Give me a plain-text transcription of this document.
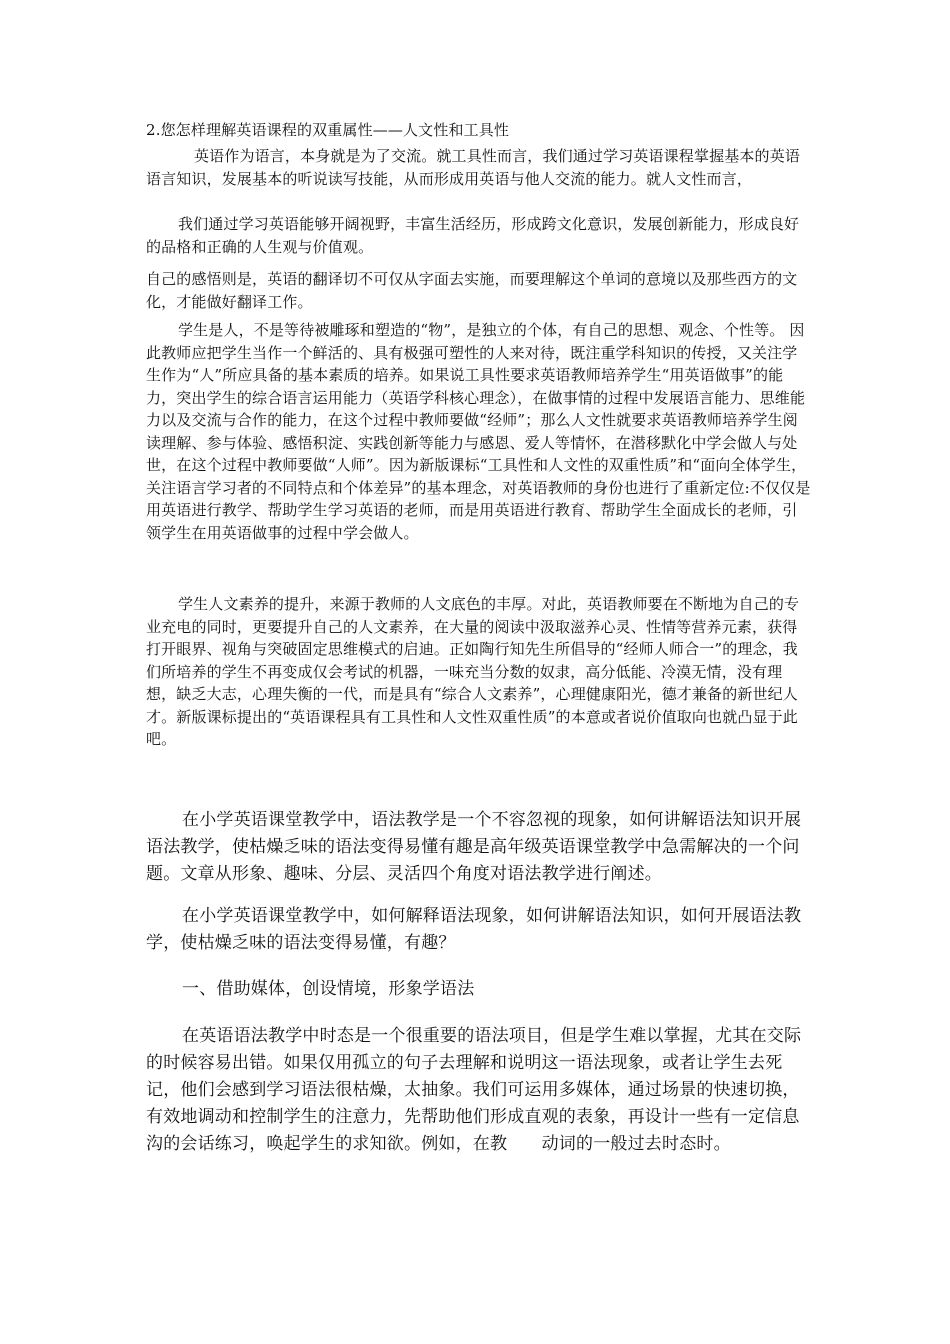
2.您怎样理解英语课程的双重属性——人文性和工具性

英语作为语言，本身就是为了交流。就工具性而言，我们通过学习英语课程掌握基本的英语语言知识，发展基本的听说读写技能，从而形成用英语与他人交流的能力。就人文性而言，

我们通过学习英语能够开阔视野，丰富生活经历，形成跨文化意识，发展创新能力，形成良好的品格和正确的人生观与价值观。

自己的感悟则是，英语的翻译切不可仅从字面去实施，而要理解这个单词的意境以及那些西方的文化，才能做好翻译工作。

学生是人，不是等待被雕琢和塑造的“物”，是独立的个体，有自己的思想、观念、个性等。 因此教师应把学生当作一个鲜活的、具有极强可塑性的人来对待，既注重学科知识的传授，又关注学生作为“人”所应具备的基本素质的培养。如果说工具性要求英语教师培养学生“用英语做事”的能力，突出学生的综合语言运用能力（英语学科核心理念），在做事情的过程中发展语言能力、思维能力以及交流与合作的能力，在这个过程中教师要做“经师”；那么人文性就要求英语教师培养学生阅读理解、参与体验、感悟积淀、实践创新等能力与感恩、爱人等情怀，在潜移默化中学会做人与处世，在这个过程中教师要做“人师”。因为新版课标“工具性和人文性的双重性质”和“面向全体学生，关注语言学习者的不同特点和个体差异”的基本理念，对英语教师的身份也进行了重新定位:不仅仅是用英语进行教学、帮助学生学习英语的老师，而是用英语进行教育、帮助学生全面成长的老师，引领学生在用英语做事的过程中学会做人。

学生人文素养的提升，来源于教师的人文底色的丰厚。对此，英语教师要在不断地为自己的专业充电的同时，更要提升自己的人文素养，在大量的阅读中汲取滋养心灵、性情等营养元素，获得打开眼界、视角与突破固定思维模式的启迪。正如陶行知先生所倡导的“经师人师合一”的理念，我们所培养的学生不再变成仅会考试的机器，一味充当分数的奴隶，高分低能、冷漠无情，没有理想，缺乏大志，心理失衡的一代，而是具有“综合人文素养”，心理健康阳光，德才兼备的新世纪人才。新版课标提出的“英语课程具有工具性和人文性双重性质”的本意或者说价值取向也就凸显于此吧。

在小学英语课堂教学中，语法教学是一个不容忽视的现象，如何讲解语法知识开展语法教学，使枯燥乏味的语法变得易懂有趣是高年级英语课堂教学中急需解决的一个问题。文章从形象、趣味、分层、灵活四个角度对语法教学进行阐述。

在小学英语课堂教学中，如何解释语法现象，如何讲解语法知识，如何开展语法教学，使枯燥乏味的语法变得易懂，有趣？

一、借助媒体，创设情境，形象学语法

在英语语法教学中时态是一个很重要的语法项目，但是学生难以掌握，尤其在交际的时候容易出错。如果仅用孤立的句子去理解和说明这一语法现象，或者让学生去死记，他们会感到学习语法很枯燥，太抽象。我们可运用多媒体，通过场景的快速切换，有效地调动和控制学生的注意力，先帮助他们形成直观的表象，再设计一些有一定信息沟的会话练习，唤起学生的求知欲。例如，在教　　动词的一般过去时态时。
